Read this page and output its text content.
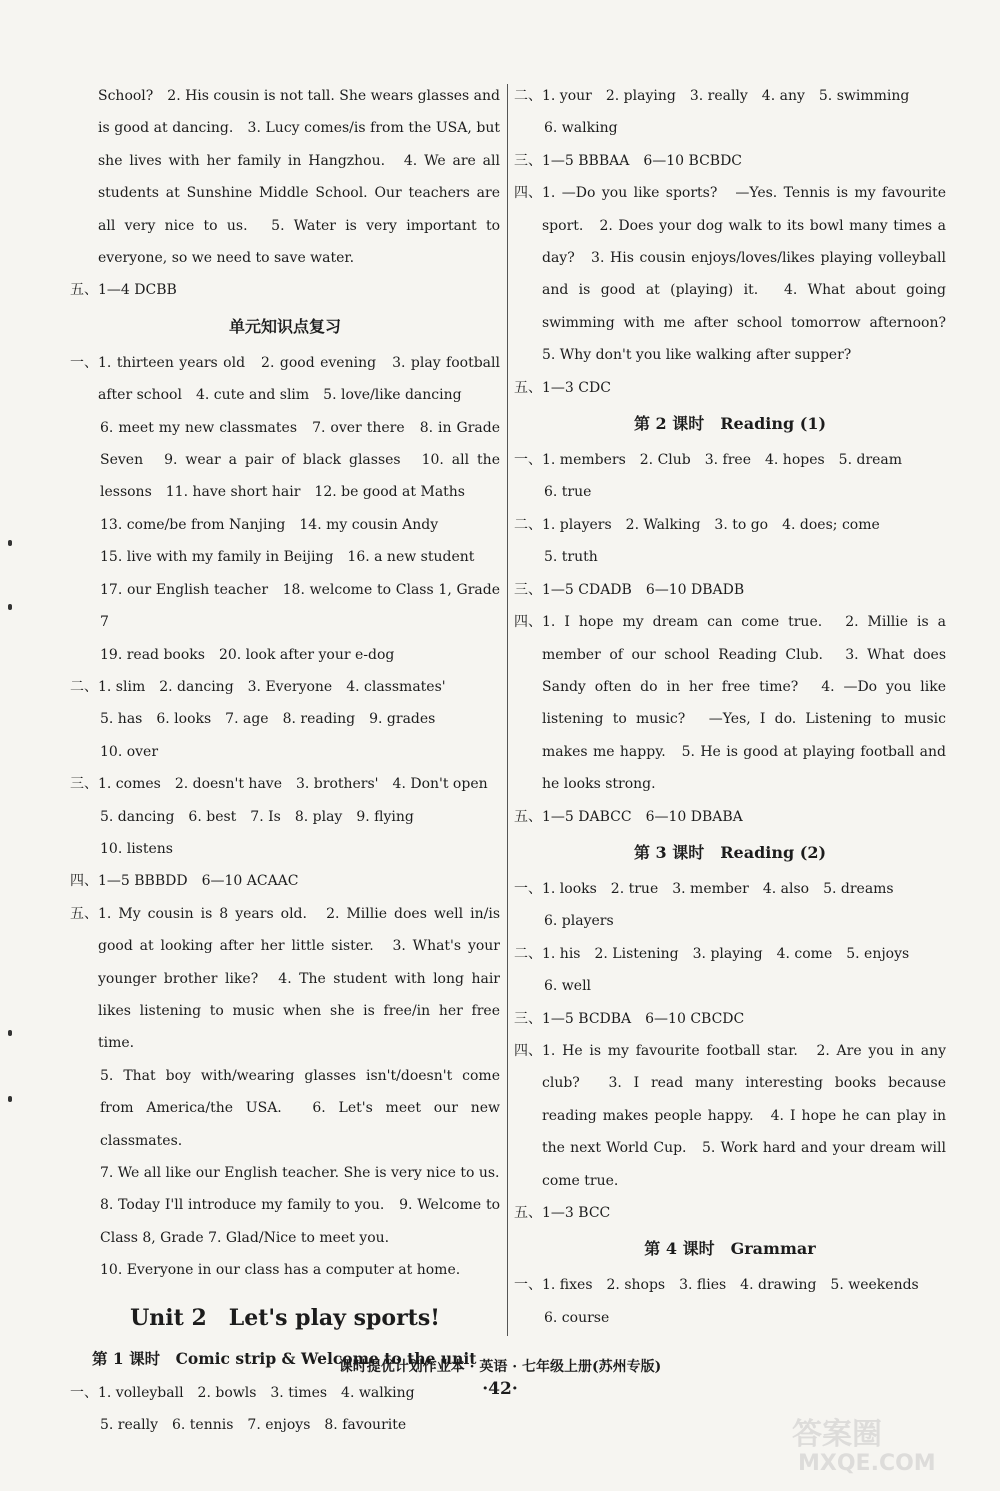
School?　2. His cousin is not tall. She wears glasses and is good at dancing.　3. Lucy comes/is from the USA, but she lives with her family in Hangzhou.　4. We are all students at Sunshine Middle School. Our teachers are all very nice to us.　5. Water is very important to everyone, so we need to save water.

五、 1—4 DCBB

单元知识点复习

一、 1. thirteen years old　2. good evening　3. play football after school　4. cute and slim　5. love/like dancing

6. meet my new classmates　7. over there　8. in Grade Seven　9. wear a pair of black glasses　10. all the lessons　11. have short hair　12. be good at Maths

13. come/be from Nanjing　14. my cousin Andy

15. live with my family in Beijing　16. a new student

17. our English teacher　18. welcome to Class 1, Grade 7

19. read books　20. look after your e-dog

二、 1. slim　2. dancing　3. Everyone　4. classmates'

5. has　6. looks　7. age　8. reading　9. grades

10. over

三、 1. comes　2. doesn't have　3. brothers'　4. Don't open

5. dancing　6. best　7. Is　8. play　9. flying

10. listens

四、 1—5 BBBDD　6—10 ACAAC
五、 1. My cousin is 8 years old.　2. Millie does well in/is good at looking after her little sister.　3. What's your younger brother like?　4. The student with long hair likes listening to music when she is free/in her free time.

5. That boy with/wearing glasses isn't/doesn't come from America/the USA.　6. Let's meet our new classmates.

7. We all like our English teacher. She is very nice to us.

8. Today I'll introduce my family to you.　9. Welcome to Class 8, Grade 7. Glad/Nice to meet you.

10. Everyone in our class has a computer at home.

Unit 2　Let's play sports!

第 1 课时　Comic strip & Welcome to the unit

一、 1. volleyball　2. bowls　3. times　4. walking

5. really　6. tennis　7. enjoys　8. favourite

二、 1. your　2. playing　3. really　4. any　5. swimming

6. walking

三、 1—5 BBBAA　6—10 BCBDC
四、 1. —Do you like sports?　—Yes. Tennis is my favourite sport.　2. Does your dog walk to its bowl many times a day?　3. His cousin enjoys/loves/likes playing volleyball and is good at (playing) it.　4. What about going swimming with me after school tomorrow afternoon?　5. Why don't you like walking after supper?
五、 1—3 CDC

第 2 课时　Reading (1)

一、 1. members　2. Club　3. free　4. hopes　5. dream

6. true

二、 1. players　2. Walking　3. to go　4. does; come

5. truth

三、 1—5 CDADB　6—10 DBADB
四、 1. I hope my dream can come true.　2. Millie is a member of our school Reading Club.　3. What does Sandy often do in her free time?　4. —Do you like listening to music?　—Yes, I do. Listening to music makes me happy.　5. He is good at playing football and he looks strong.
五、 1—5 DABCC　6—10 DBABA

第 3 课时　Reading (2)

一、 1. looks　2. true　3. member　4. also　5. dreams

6. players

二、 1. his　2. Listening　3. playing　4. come　5. enjoys

6. well

三、 1—5 BCDBA　6—10 CBCDC
四、 1. He is my favourite football star.　2. Are you in any club?　3. I read many interesting books because reading makes people happy.　4. I hope he can play in the next World Cup.　5. Work hard and your dream will come true.
五、 1—3 BCC

第 4 课时　Grammar

一、 1. fixes　2. shops　3. flies　4. drawing　5. weekends

6. course

课时提优计划作业本 · 英语 · 七年级上册(苏州专版)
·42·
答案圈
MXQE.COM
